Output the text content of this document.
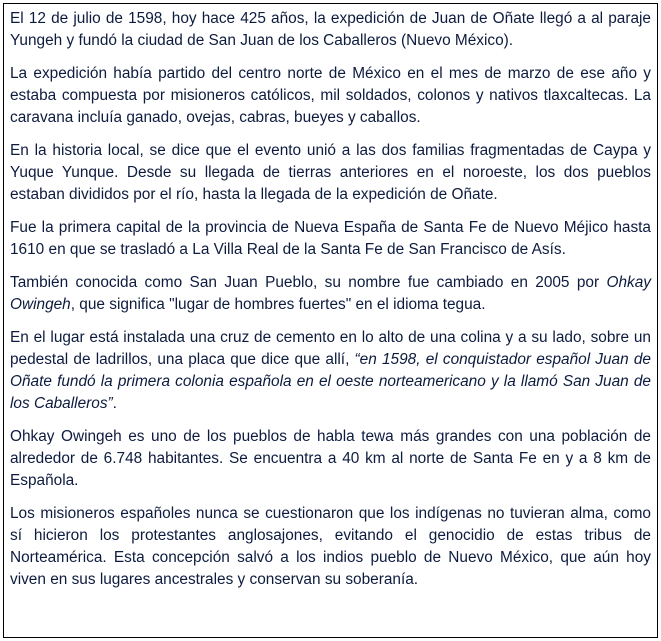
El 12 de julio de 1598, hoy hace 425 años, la expedición de Juan de Oñate llegó a al paraje Yungeh y fundó la ciudad de San Juan de los Caballeros (Nuevo México).

La expedición había partido del centro norte de México en el mes de marzo de ese año y estaba compuesta por misioneros católicos, mil soldados, colonos y nativos tlaxcaltecas. La caravana incluía ganado, ovejas, cabras, bueyes y caballos.

En la historia local, se dice que el evento unió a las dos familias fragmentadas de Caypa y Yuque Yunque. Desde su llegada de tierras anteriores en el noroeste, los dos pueblos estaban divididos por el río, hasta la llegada de la expedición de Oñate.

Fue la primera capital de la provincia de Nueva España de Santa Fe de Nuevo Méjico hasta 1610 en que se trasladó a La Villa Real de la Santa Fe de San Francisco de Asís.

También conocida como San Juan Pueblo, su nombre fue cambiado en 2005 por Ohkay Owingeh, que significa "lugar de hombres fuertes" en el idioma tegua.

En el lugar está instalada una cruz de cemento en lo alto de una colina y a su lado, sobre un pedestal de ladrillos, una placa que dice que allí, “en 1598, el conquistador español Juan de Oñate fundó la primera colonia española en el oeste norteamericano y la llamó San Juan de los Caballeros”.

Ohkay Owingeh es uno de los pueblos de habla tewa más grandes con una población de alrededor de 6.748 habitantes. Se encuentra a 40 km al norte de Santa Fe en y a 8 km de Española.

Los misioneros españoles nunca se cuestionaron que los indígenas no tuvieran alma, como sí hicieron los protestantes anglosajones, evitando el genocidio de estas tribus de Norteamérica. Esta concepción salvó a los indios pueblo de Nuevo México, que aún hoy viven en sus lugares ancestrales y conservan su soberanía.
